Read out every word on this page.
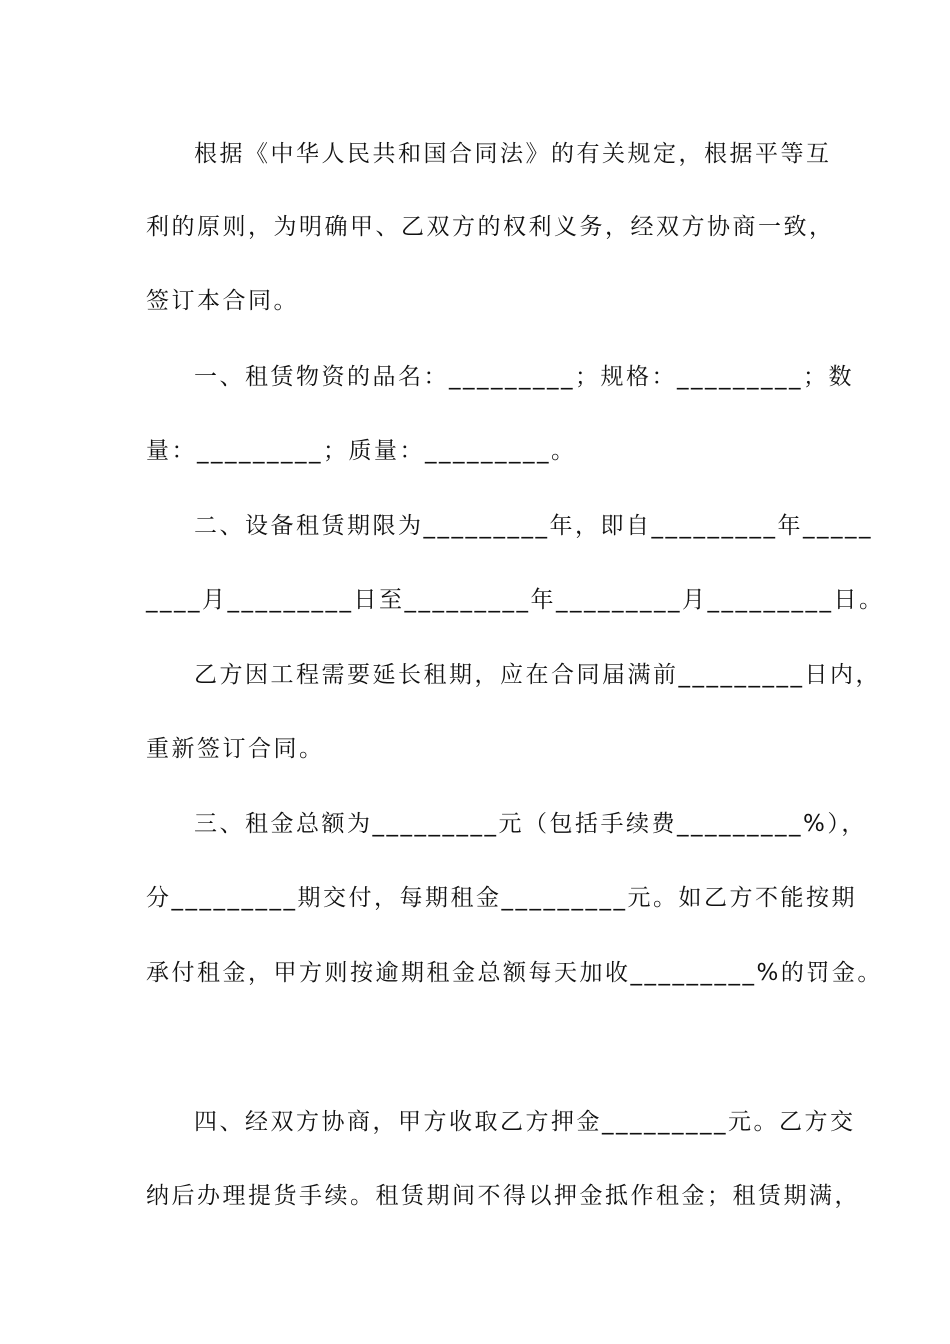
根据《中华人民共和国合同法》的有关规定，根据平等互
利的原则，为明确甲、乙双方的权利义务，经双方协商一致，
签订本合同。
一、租赁物资的品名：_________；规格：_________；数
量：_________；质量：_________。
二、设备租赁期限为_________年，即自_________年_____
____月_________日至_________年_________月_________日。
乙方因工程需要延长租期，应在合同届满前_________日内，
重新签订合同。
三、租金总额为_________元（包括手续费_________%），
分_________期交付，每期租金_________元。如乙方不能按期
承付租金，甲方则按逾期租金总额每天加收_________%的罚金。
四、经双方协商，甲方收取乙方押金_________元。乙方交
纳后办理提货手续。租赁期间不得以押金抵作租金；租赁期满，
